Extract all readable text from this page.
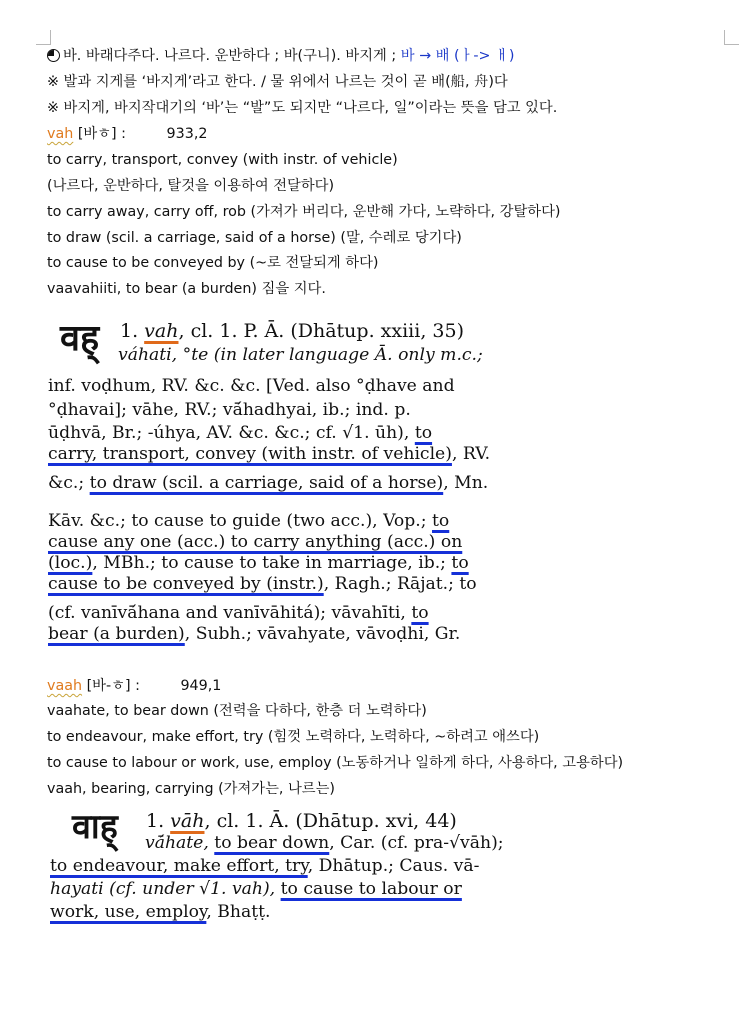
바. 바래다주다. 나르다. 운반하다 ; 바(구니). 바지게 ; 바 → 배 (ㅏ-> ㅐ)
※ 발과 지게를 ‘바지게’라고 한다. / 물 위에서 나르는 것이 곧 배(船, 舟)다
※ 바지게, 바지작대기의 ‘바’는 “발”도 되지만 “나르다, 일”이라는 뜻을 담고 있다.
vah [바ㅎ] :	933,2
to carry, transport, convey (with instr. of vehicle)
(나르다, 운반하다, 탈것을 이용하여 전달하다)
to carry away, carry off, rob (가져가 버리다, 운반해 가다, 노략하다, 강탈하다)
to draw (scil. a carriage, said of a horse) (말, 수레로 당기다)
to cause to be conveyed by (~로 전달되게 하다)
vaavahiiti, to bear (a burden) 짐을 지다.
वह् 1. vah, cl. 1. P. Ā. (Dhātup. xxiii, 35)
váhati, °te (in later language Ā. only m.c.;
inf. voḍhum, RV. &c. &c. [Ved. also °ḍhave and
°ḍhavai]; vāhe, RV.; vā́hadhyai, ib.; ind. p.
ūḍhvā, Br.; -úhya, AV. &c. &c.; cf. √1. ūh), to
carry, transport, convey (with instr. of vehicle), RV.
&c.; to draw (scil. a carriage, said of a horse), Mn.
Kāv. &c.; to cause to guide (two acc.), Vop.; to
cause any one (acc.) to carry anything (acc.) on
(loc.), MBh.; to cause to take in marriage, ib.; to
cause to be conveyed by (instr.), Ragh.; Rājat.; to
(cf. vanīvā́hana and vanīvāhitá); vāvahīti, to
bear (a burden), Subh.; vāvahyate, vāvoḍhi, Gr.
vaah [바-ㅎ] :	949,1
vaahate, to bear down (전력을 다하다, 한층 더 노력하다)
to endeavour, make effort, try (힘껏 노력하다, 노력하다, ~하려고 애쓰다)
to cause to labour or work, use, employ (노동하거나 일하게 하다, 사용하다, 고용하다)
vaah, bearing, carrying (가져가는, 나르는)
वाह् 1. vāh, cl. 1. Ā. (Dhātup. xvi, 44)
vā́hate, to bear down, Car. (cf. pra-√vāh);
to endeavour, make effort, try, Dhātup.; Caus. vā-
hayati (cf. under √1. vah), to cause to labour or
work, use, employ, Bhaṭṭ.
